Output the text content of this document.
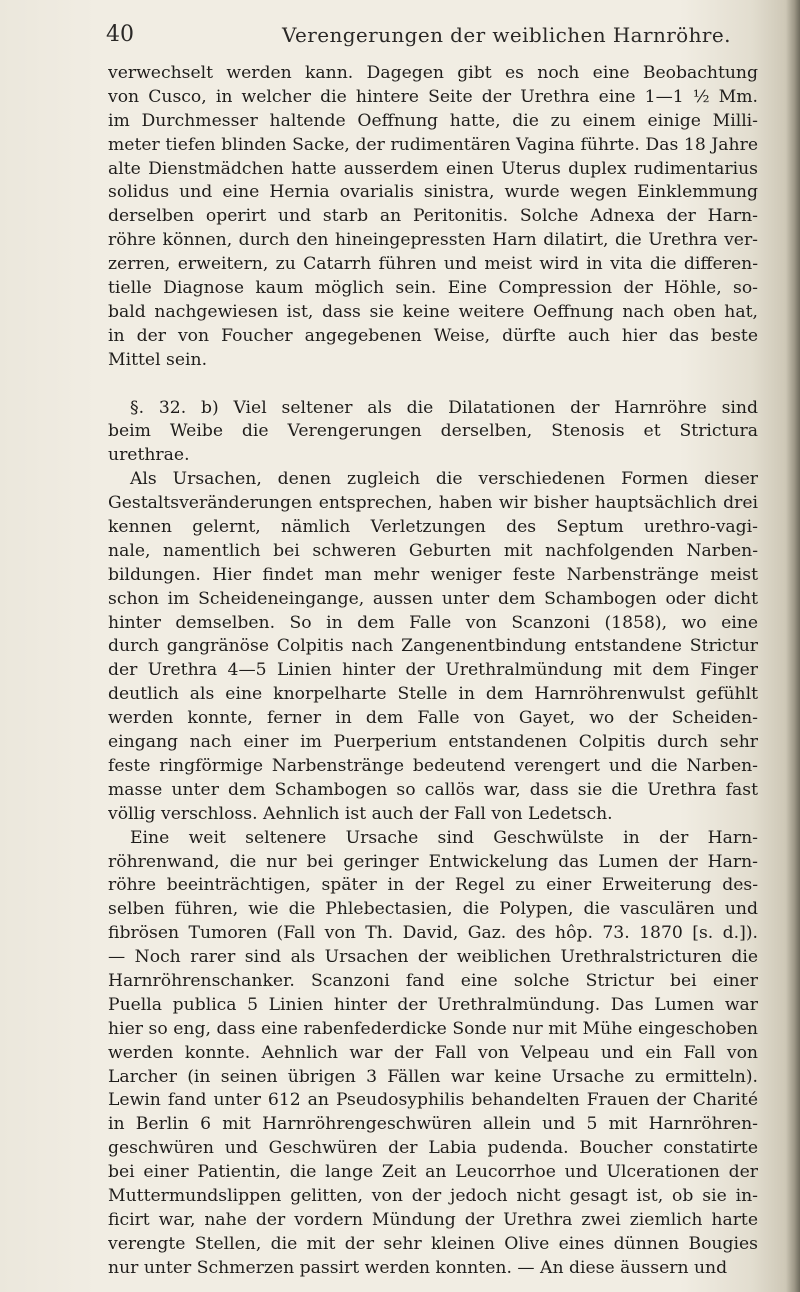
40	Verengerungen der weiblichen Harnröhre.
verwechselt werden kann. Dagegen gibt es noch eine Beobachtung
von Cusco, in welcher die hintere Seite der Urethra eine 1—1 ½ Mm.
im Durchmesser haltende Oeffnung hatte, die zu einem einige Milli-
meter tiefen blinden Sacke, der rudimentären Vagina führte. Das 18 Jahre
alte Dienstmädchen hatte ausserdem einen Uterus duplex rudimentarius
solidus und eine Hernia ovarialis sinistra, wurde wegen Einklemmung
derselben operirt und starb an Peritonitis. Solche Adnexa der Harn-
röhre können, durch den hineingepressten Harn dilatirt, die Urethra ver-
zerren, erweitern, zu Catarrh führen und meist wird in vita die differen-
tielle Diagnose kaum möglich sein. Eine Compression der Höhle, so-
bald nachgewiesen ist, dass sie keine weitere Oeffnung nach oben hat,
in der von Foucher angegebenen Weise, dürfte auch hier das beste
Mittel sein.
§. 32. b) Viel seltener als die Dilatationen der Harnröhre sind
beim Weibe die Verengerungen derselben, Stenosis et Strictura
urethrae.
Als Ursachen, denen zugleich die verschiedenen Formen dieser
Gestaltsveränderungen entsprechen, haben wir bisher hauptsächlich drei
kennen gelernt, nämlich Verletzungen des Septum urethro-vagi-
nale, namentlich bei schweren Geburten mit nachfolgenden Narben-
bildungen. Hier findet man mehr weniger feste Narbenstränge meist
schon im Scheideneingange, aussen unter dem Schambogen oder dicht
hinter demselben. So in dem Falle von Scanzoni (1858), wo eine
durch gangränöse Colpitis nach Zangenentbindung entstandene Strictur
der Urethra 4—5 Linien hinter der Urethralmündung mit dem Finger
deutlich als eine knorpelharte Stelle in dem Harnröhrenwulst gefühlt
werden konnte, ferner in dem Falle von Gayet, wo der Scheiden-
eingang nach einer im Puerperium entstandenen Colpitis durch sehr
feste ringförmige Narbenstränge bedeutend verengert und die Narben-
masse unter dem Schambogen so callös war, dass sie die Urethra fast
völlig verschloss. Aehnlich ist auch der Fall von Ledetsch.
Eine weit seltenere Ursache sind Geschwülste in der Harn-
röhrenwand, die nur bei geringer Entwickelung das Lumen der Harn-
röhre beeinträchtigen, später in der Regel zu einer Erweiterung des-
selben führen, wie die Phlebectasien, die Polypen, die vasculären und
fibrösen Tumoren (Fall von Th. David, Gaz. des hôp. 73. 1870 [s. d.]).
— Noch rarer sind als Ursachen der weiblichen Urethralstricturen die
Harnröhrenschanker. Scanzoni fand eine solche Strictur bei einer
Puella publica 5 Linien hinter der Urethralmündung. Das Lumen war
hier so eng, dass eine rabenfederdicke Sonde nur mit Mühe eingeschoben
werden konnte. Aehnlich war der Fall von Velpeau und ein Fall von
Larcher (in seinen übrigen 3 Fällen war keine Ursache zu ermitteln).
Lewin fand unter 612 an Pseudosyphilis behandelten Frauen der Charité
in Berlin 6 mit Harnröhrengeschwüren allein und 5 mit Harnröhren-
geschwüren und Geschwüren der Labia pudenda. Boucher constatirte
bei einer Patientin, die lange Zeit an Leucorrhoe und Ulcerationen der
Muttermundslippen gelitten, von der jedoch nicht gesagt ist, ob sie in-
ficirt war, nahe der vordern Mündung der Urethra zwei ziemlich harte
verengte Stellen, die mit der sehr kleinen Olive eines dünnen Bougies
nur unter Schmerzen passirt werden konnten. — An diese äussern und
